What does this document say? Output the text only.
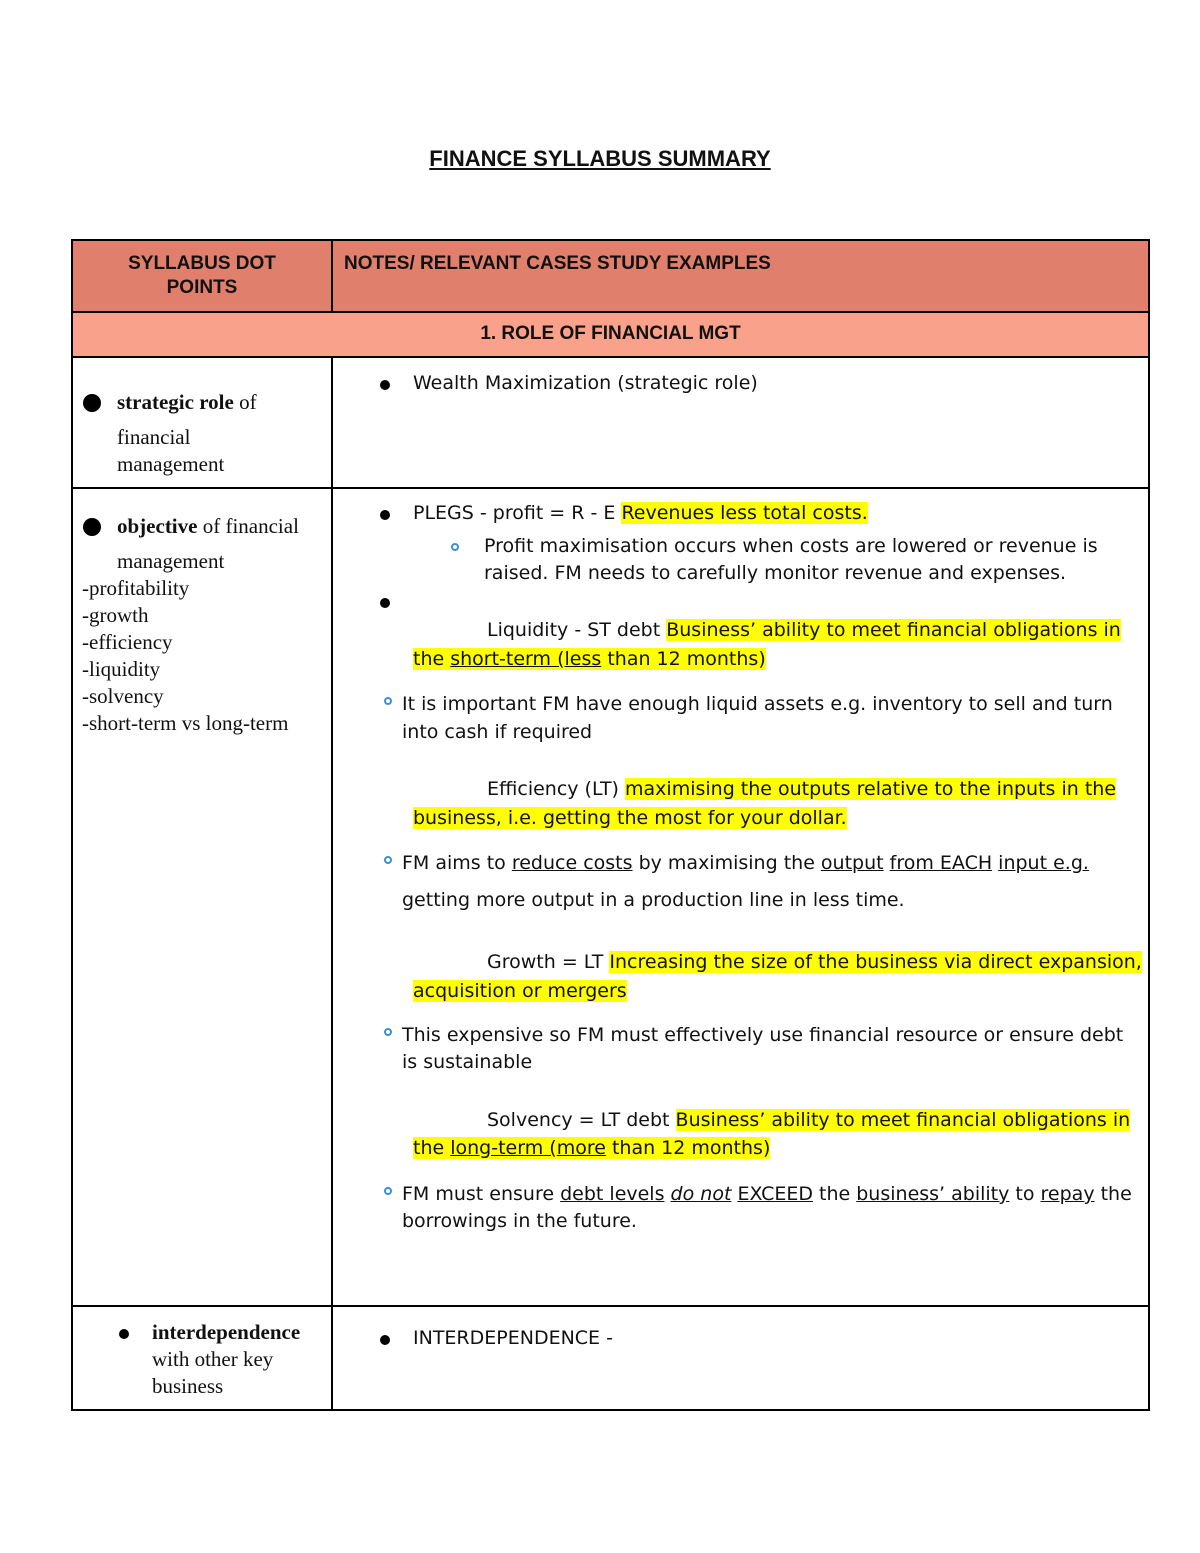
FINANCE SYLLABUS SUMMARY
SYLLABUS DOT
POINTS
NOTES/ RELEVANT CASES STUDY EXAMPLES
1. ROLE OF FINANCIAL MGT
strategic role of
financial
management
Wealth Maximization (strategic role)
objective of financial
management
-profitability
-growth
-efficiency
-liquidity
-solvency
-short-term vs long-term
PLEGS - profit = R - E Revenues less total costs.
Profit maximisation occurs when costs are lowered or revenue is
raised. FM needs to carefully monitor revenue and expenses.
Liquidity - ST debt Business’ ability to meet financial obligations in
the short-term (less than 12 months)
It is important FM have enough liquid assets e.g. inventory to sell and turn
into cash if required
Efficiency (LT) maximising the outputs relative to the inputs in the
business, i.e. getting the most for your dollar.
FM aims to reduce costs by maximising the output from EACH input e.g.
getting more output in a production line in less time.
Growth = LT Increasing the size of the business via direct expansion,
acquisition or mergers
This expensive so FM must effectively use financial resource or ensure debt
is sustainable
Solvency = LT debt Business’ ability to meet financial obligations in
the long-term (more than 12 months)
FM must ensure debt levels do not EXCEED the business’ ability to repay the
borrowings in the future.
interdependence
with other key
business
INTERDEPENDENCE -
